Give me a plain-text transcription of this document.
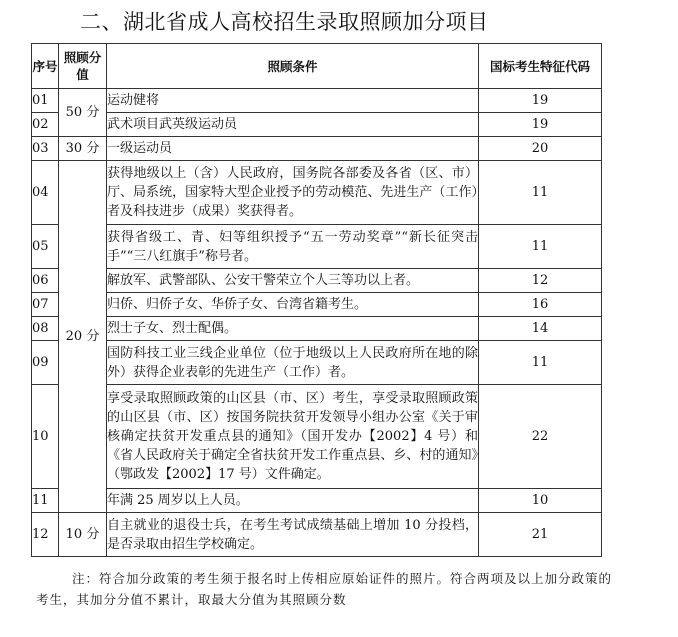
二、湖北省成人高校招生录取照顾加分项目
序号	照顾分值	照顾条件	国标考生特征代码
01	50 分	运动健将	19
02		武术项目武英级运动员	19
03	30 分	一级运动员	20
04	20 分	获得地级以上（含）人民政府，国务院各部委及各省（区、市）厅、局系统，国家特大型企业授予的劳动模范、先进生产（工作）者及科技进步（成果）奖获得者。	11
05		获得省级工、青、妇等组织授予“五一劳动奖章”“新长征突击手”“三八红旗手”称号者。	11
06		解放军、武警部队、公安干警荣立个人三等功以上者。	12
07		归侨、归侨子女、华侨子女、台湾省籍考生。	16
08		烈士子女、烈士配偶。	14
09		国防科技工业三线企业单位（位于地级以上人民政府所在地的除外）获得企业表彰的先进生产（工作）者。	11
10		享受录取照顾政策的山区县（市、区）考生，享受录取照顾政策的山区县（市、区）按国务院扶贫开发领导小组办公室《关于审核确定扶贫开发重点县的通知》（国开发办【2002】4 号）和《省人民政府关于确定全省扶贫开发工作重点县、乡、村的通知》（鄂政发【2002】17 号）文件确定。	22
11		年满 25 周岁以上人员。	10
12	10 分	自主就业的退役士兵，在考生考试成绩基础上增加 10 分投档，是否录取由招生学校确定。	21
注：符合加分政策的考生须于报名时上传相应原始证件的照片。符合两项及以上加分政策的考生，其加分分值不累计，取最大分值为其照顾分数
